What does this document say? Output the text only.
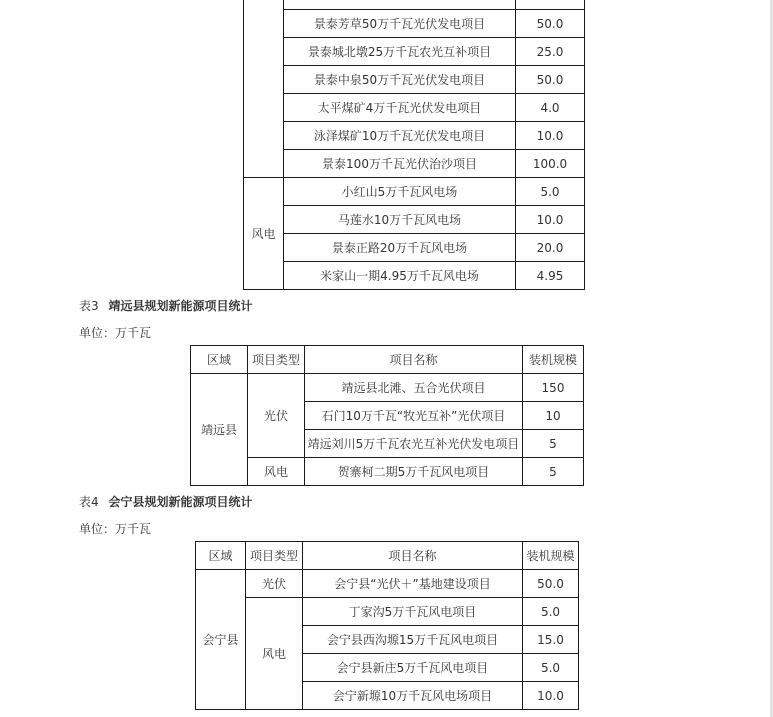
	景泰芳草50万千瓦光伏发电项目	50.0
	景泰城北墩25万千瓦农光互补项目	25.0
	景泰中泉50万千瓦光伏发电项目	50.0
	太平煤矿4万千瓦光伏发电项目	4.0
	泳泽煤矿10万千瓦光伏发电项目	10.0
	景泰100万千瓦光伏治沙项目	100.0
风电	小红山5万千瓦风电场	5.0
	马莲水10万千瓦风电场	10.0
	景泰正路20万千瓦风电场	20.0
	米家山一期4.95万千瓦风电场	4.95
表3 靖远县规划新能源项目统计
单位：万千瓦
区域	项目类型	项目名称	装机规模
靖远县	光伏	靖远县北滩、五合光伏项目	150
		石门10万千瓦“牧光互补”光伏项目	10
		靖远刘川5万千瓦农光互补光伏发电项目	5
	风电	贺寨柯二期5万千瓦风电项目	5
表4 会宁县规划新能源项目统计
单位：万千瓦
区域	项目类型	项目名称	装机规模
会宁县	光伏	会宁县“光伏＋”基地建设项目	50.0
	风电	丁家沟5万千瓦风电项目	5.0
		会宁县西沟塬15万千瓦风电项目	15.0
		会宁县新庄5万千瓦风电项目	5.0
		会宁新塬10万千瓦风电场项目	10.0
